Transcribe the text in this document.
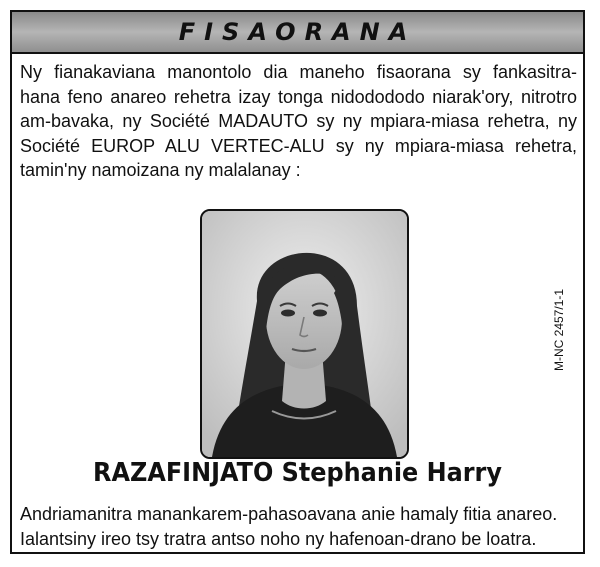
FISAORANA

Ny fianakaviana manontolo dia maneho fisaorana sy fankasitra-
hana feno anareo rehetra izay tonga nidodododo niarak'ory, nitrotro
am-bavaka, ny Société MADAUTO sy ny mpiara-miasa rehetra, ny
Société EUROP ALU VERTEC-ALU sy ny mpiara-miasa rehetra,
tamin'ny namoizana ny malalanay :

RAZAFINJATO Stephanie Harry
Andriamanitra manankarem-pahasoavana anie hamaly fitia anareo.
Ialantsiny ireo tsy tratra antso noho ny hafenoan-drano be loatra.
M-NC 2457/1-1
